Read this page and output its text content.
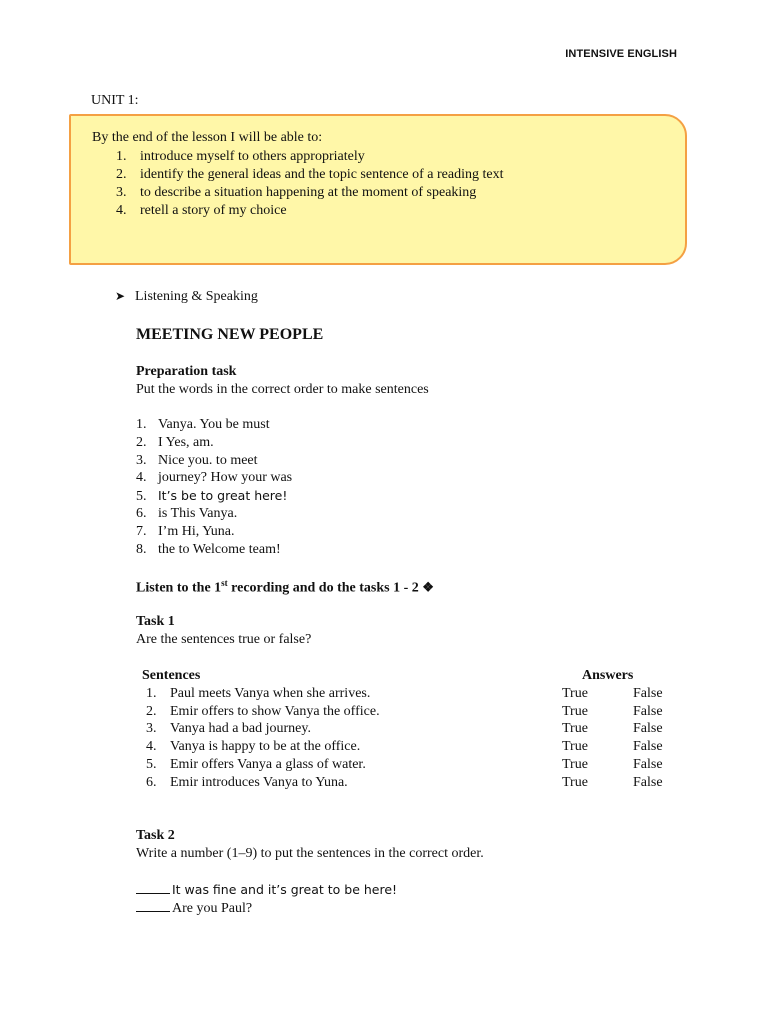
INTENSIVE ENGLISH
UNIT 1:
By the end of the lesson I will be able to:
1. introduce myself to others appropriately
2. identify the general ideas and the topic sentence of a reading text
3. to describe a situation happening at the moment of speaking
4. retell a story of my choice
➤ Listening & Speaking
MEETING NEW PEOPLE
Preparation task
Put the words in the correct order to make sentences
1. Vanya. You be must
2. I Yes, am.
3. Nice you. to meet
4. journey? How your was
5. It’s be to great here!
6. is This Vanya.
7. I’m Hi, Yuna.
8. the to Welcome team!
Listen to the 1st recording and do the tasks 1 - 2 ❖
Task 1
Are the sentences true or false?
Sentences	Answers	
1. Paul meets Vanya when she arrives.	True	False
2. Emir offers to show Vanya the office.	True	False
3. Vanya had a bad journey.	True	False
4. Vanya is happy to be at the office.	True	False
5. Emir offers Vanya a glass of water.	True	False
6. Emir introduces Vanya to Yuna.	True	False
Task 2
Write a number (1–9) to put the sentences in the correct order.
It was fine and it’s great to be here!
Are you Paul?
